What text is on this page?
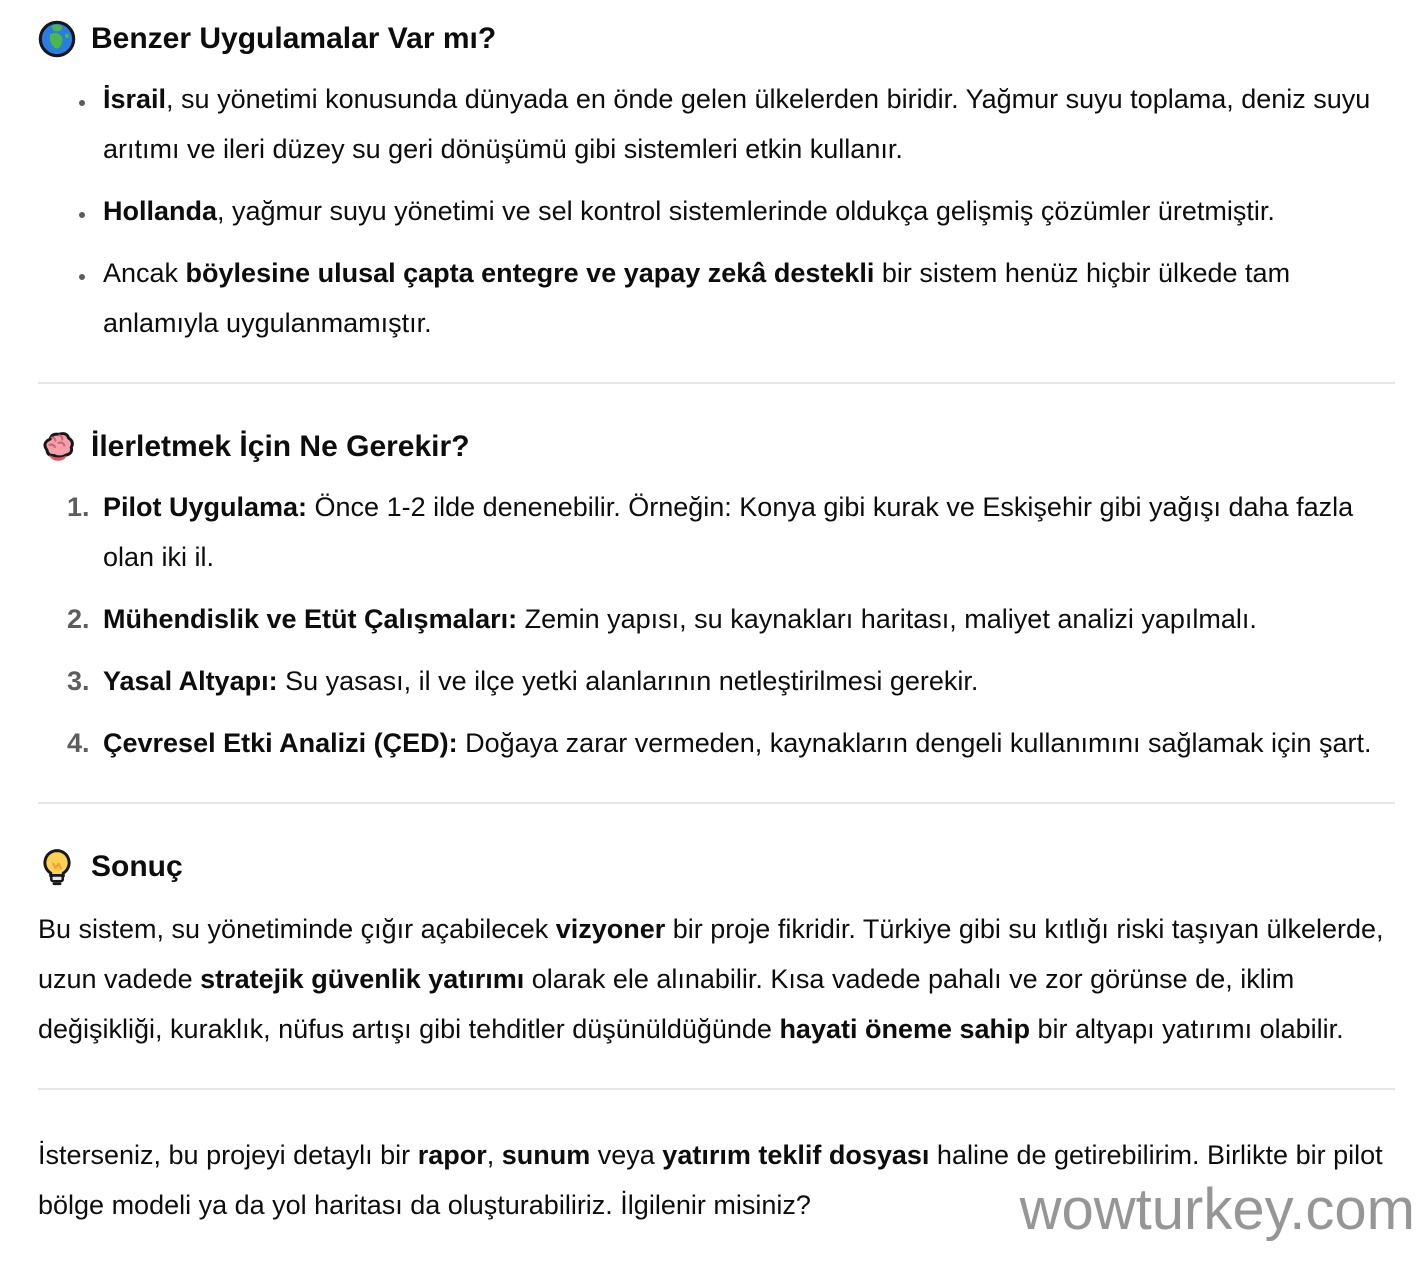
Benzer Uygulamalar Var mı?
• İsrail, su yönetimi konusunda dünyada en önde gelen ülkelerden biridir. Yağmur suyu toplama, deniz suyu arıtımı ve ileri düzey su geri dönüşümü gibi sistemleri etkin kullanır.
• Hollanda, yağmur suyu yönetimi ve sel kontrol sistemlerinde oldukça gelişmiş çözümler üretmiştir.
• Ancak böylesine ulusal çapta entegre ve yapay zekâ destekli bir sistem henüz hiçbir ülkede tam anlamıyla uygulanmamıştır.
İlerletmek İçin Ne Gerekir?
1. Pilot Uygulama: Önce 1-2 ilde denenebilir. Örneğin: Konya gibi kurak ve Eskişehir gibi yağışı daha fazla olan iki il.
2. Mühendislik ve Etüt Çalışmaları: Zemin yapısı, su kaynakları haritası, maliyet analizi yapılmalı.
3. Yasal Altyapı: Su yasası, il ve ilçe yetki alanlarının netleştirilmesi gerekir.
4. Çevresel Etki Analizi (ÇED): Doğaya zarar vermeden, kaynakların dengeli kullanımını sağlamak için şart.
Sonuç

Bu sistem, su yönetiminde çığır açabilecek vizyoner bir proje fikridir. Türkiye gibi su kıtlığı riski taşıyan ülkelerde, uzun vadede stratejik güvenlik yatırımı olarak ele alınabilir. Kısa vadede pahalı ve zor görünse de, iklim değişikliği, kuraklık, nüfus artışı gibi tehditler düşünüldüğünde hayati öneme sahip bir altyapı yatırımı olabilir.

İsterseniz, bu projeyi detaylı bir rapor, sunum veya yatırım teklif dosyası haline de getirebilirim. Birlikte bir pilot bölge modeli ya da yol haritası da oluşturabiliriz. İlgilenir misiniz?	wowturkey.com
